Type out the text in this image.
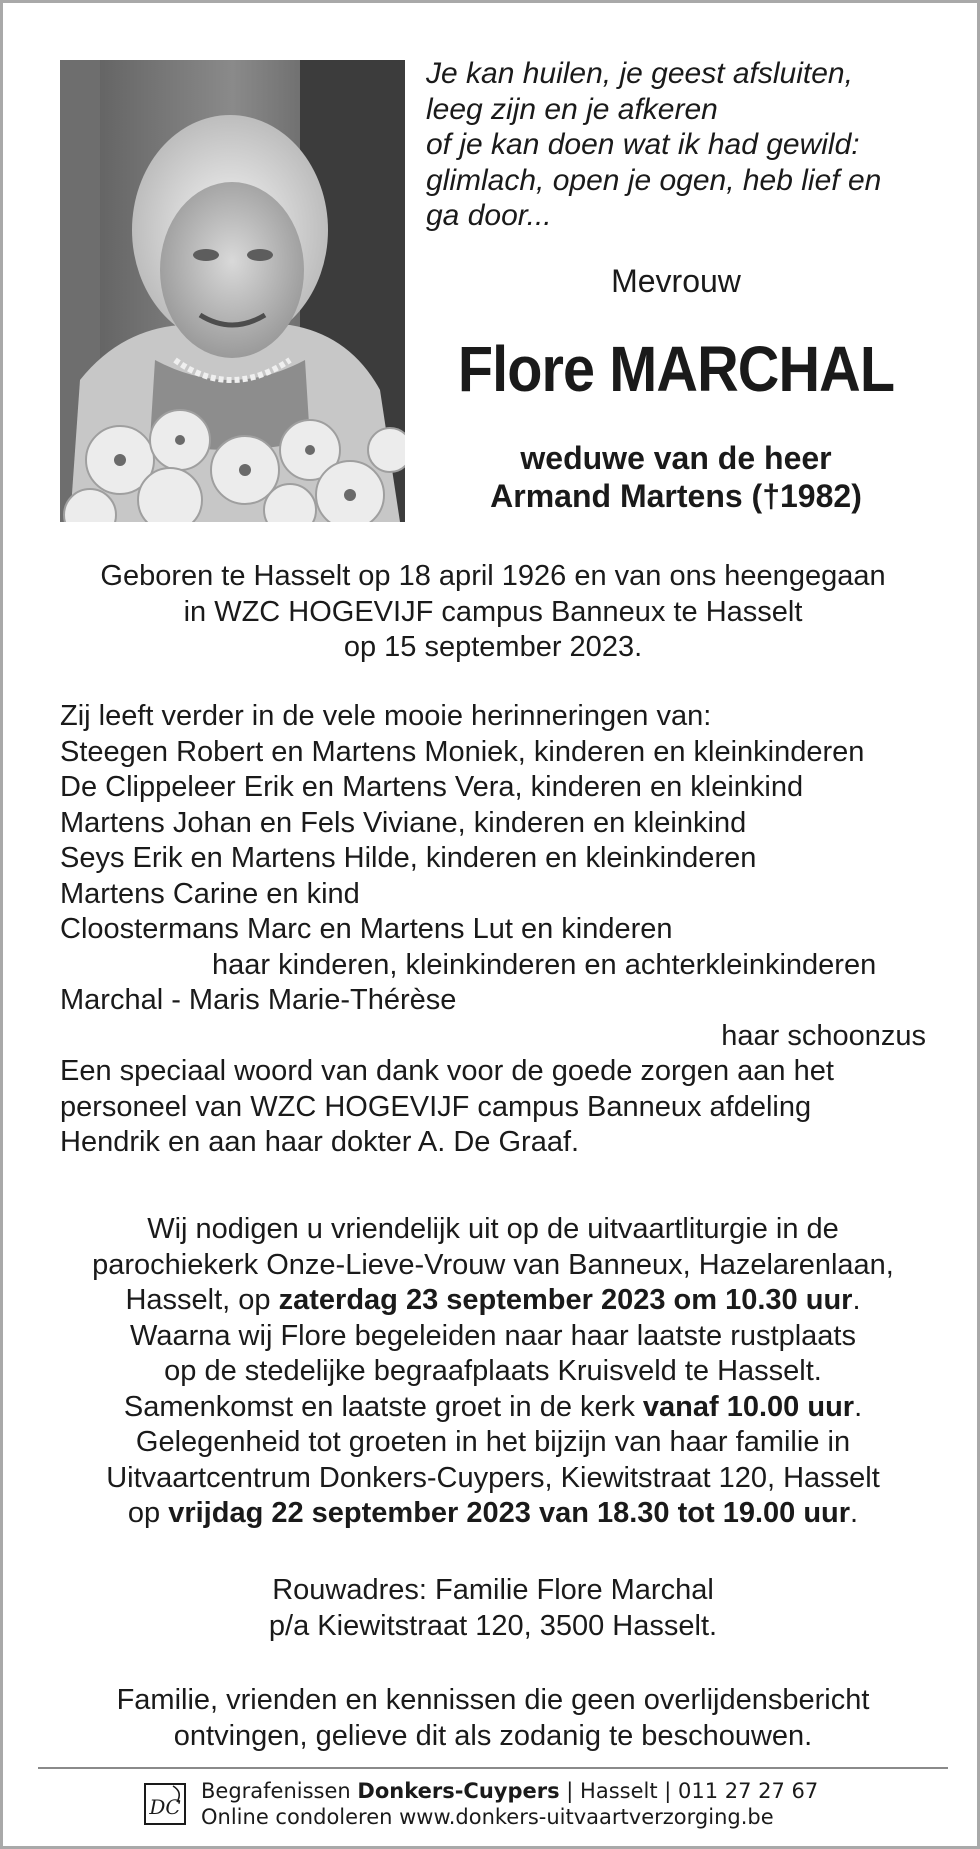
Je kan huilen, je geest afsluiten,
leeg zijn en je afkeren
of je kan doen wat ik had gewild:
glimlach, open je ogen, heb lief en
ga door...

Mevrouw

Flore MARCHAL

weduwe van de heer
Armand Martens (†1982)

Geboren te Hasselt op 18 april 1926 en van ons heengegaan
in WZC HOGEVIJF campus Banneux te Hasselt
op 15 september 2023.

Zij leeft verder in de vele mooie herinneringen van:
Steegen Robert en Martens Moniek, kinderen en kleinkinderen
De Clippeleer Erik en Martens Vera, kinderen en kleinkind
Martens Johan en Fels Viviane, kinderen en kleinkind
Seys Erik en Martens Hilde, kinderen en kleinkinderen
Martens Carine en kind
Cloostermans Marc en Martens Lut en kinderen
haar kinderen, kleinkinderen en achterkleinkinderen
Marchal - Maris Marie-Thérèse
haar schoonzus

Een speciaal woord van dank voor de goede zorgen aan het
personeel van WZC HOGEVIJF campus Banneux afdeling
Hendrik en aan haar dokter A. De Graaf.

Wij nodigen u vriendelijk uit op de uitvaartliturgie in de
parochiekerk Onze-Lieve-Vrouw van Banneux, Hazelarenlaan,
Hasselt, op zaterdag 23 september 2023 om 10.30 uur.
Waarna wij Flore begeleiden naar haar laatste rustplaats
op de stedelijke begraafplaats Kruisveld te Hasselt.
Samenkomst en laatste groet in de kerk vanaf 10.00 uur.
Gelegenheid tot groeten in het bijzijn van haar familie in
Uitvaartcentrum Donkers-Cuypers, Kiewitstraat 120, Hasselt
op vrijdag 22 september 2023 van 18.30 tot 19.00 uur.

Rouwadres: Familie Flore Marchal
p/a Kiewitstraat 120, 3500 Hasselt.

Familie, vrienden en kennissen die geen overlijdensbericht
ontvingen, gelieve dit als zodanig te beschouwen.

DC
Begrafenissen Donkers-Cuypers | Hasselt | 011 27 27 67
Online condoleren www.donkers-uitvaartverzorging.be
